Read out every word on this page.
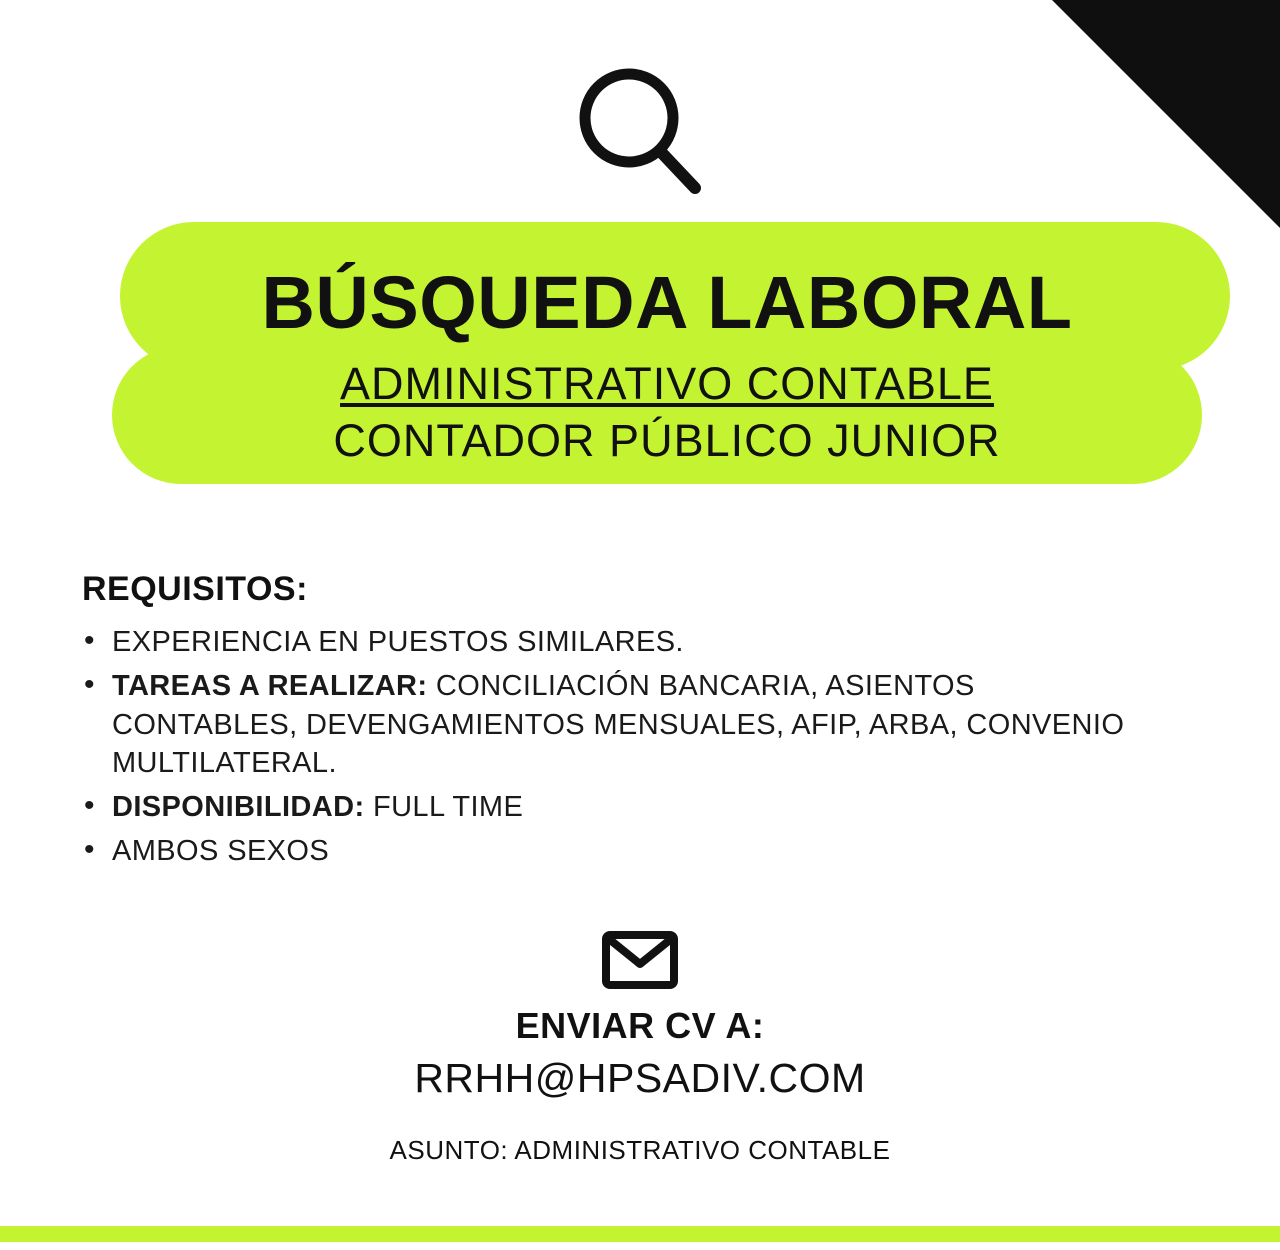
BÚSQUEDA LABORAL
ADMINISTRATIVO CONTABLE
CONTADOR PÚBLICO JUNIOR
REQUISITOS:
• EXPERIENCIA EN PUESTOS SIMILARES.
• TAREAS A REALIZAR: CONCILIACIÓN BANCARIA, ASIENTOS CONTABLES, DEVENGAMIENTOS MENSUALES, AFIP, ARBA, CONVENIO MULTILATERAL.
• DISPONIBILIDAD: FULL TIME
• AMBOS SEXOS
ENVIAR CV A:
RRHH@HPSADIV.COM
ASUNTO: ADMINISTRATIVO CONTABLE
